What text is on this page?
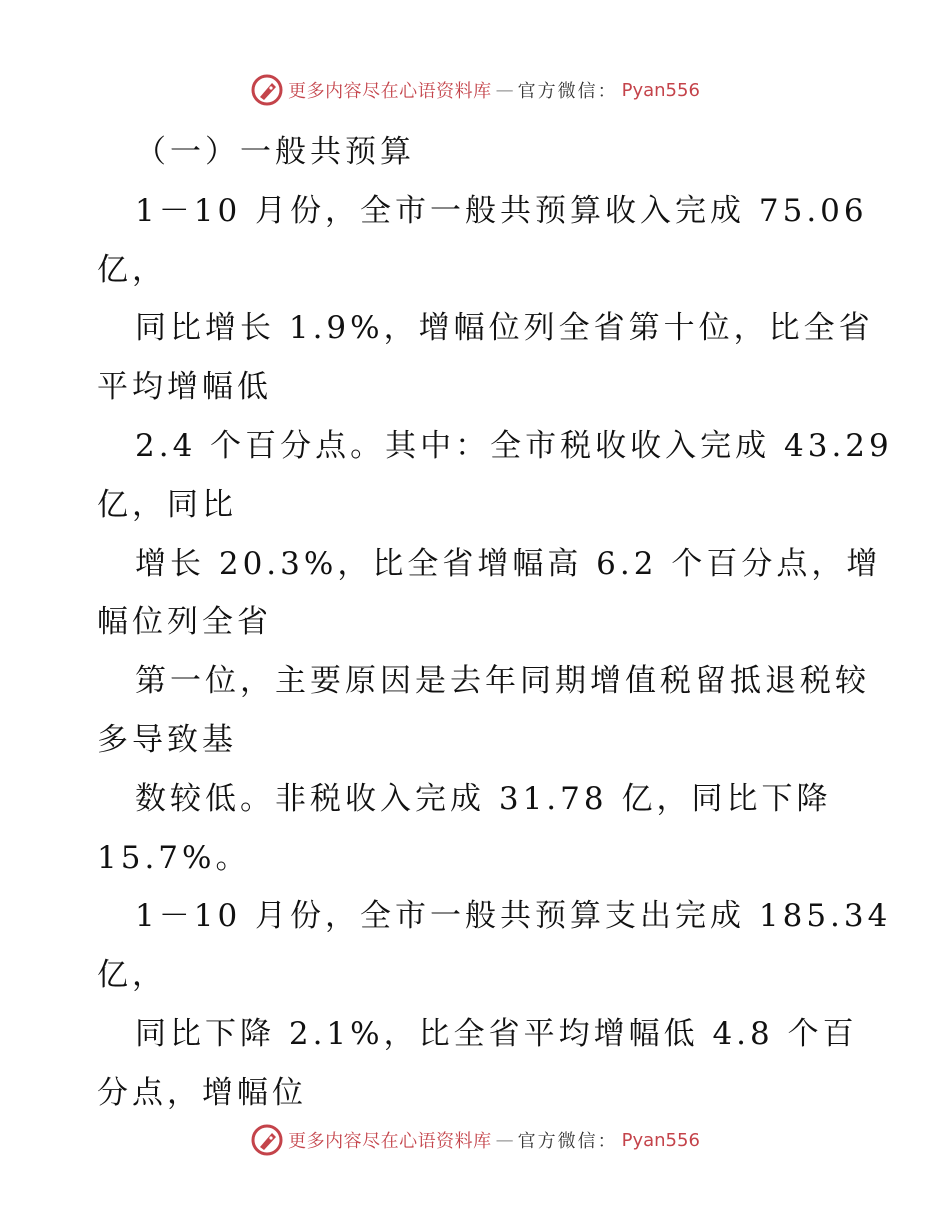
更多内容尽在心语资料库 — 官方微信： Pyan556
（一）一般共预算
1－10 月份，全市一般共预算收入完成 75.06
亿，
同比增长 1.9%，增幅位列全省第十位，比全省
平均增幅低
2.4 个百分点。其中：全市税收收入完成 43.29
亿，同比
增长 20.3%，比全省增幅高 6.2 个百分点，增
幅位列全省
第一位，主要原因是去年同期增值税留抵退税较
多导致基
数较低。非税收入完成 31.78 亿，同比下降
15.7%。
1－10 月份，全市一般共预算支出完成 185.34
亿，
同比下降 2.1%，比全省平均增幅低 4.8 个百
分点，增幅位
更多内容尽在心语资料库 — 官方微信： Pyan556
